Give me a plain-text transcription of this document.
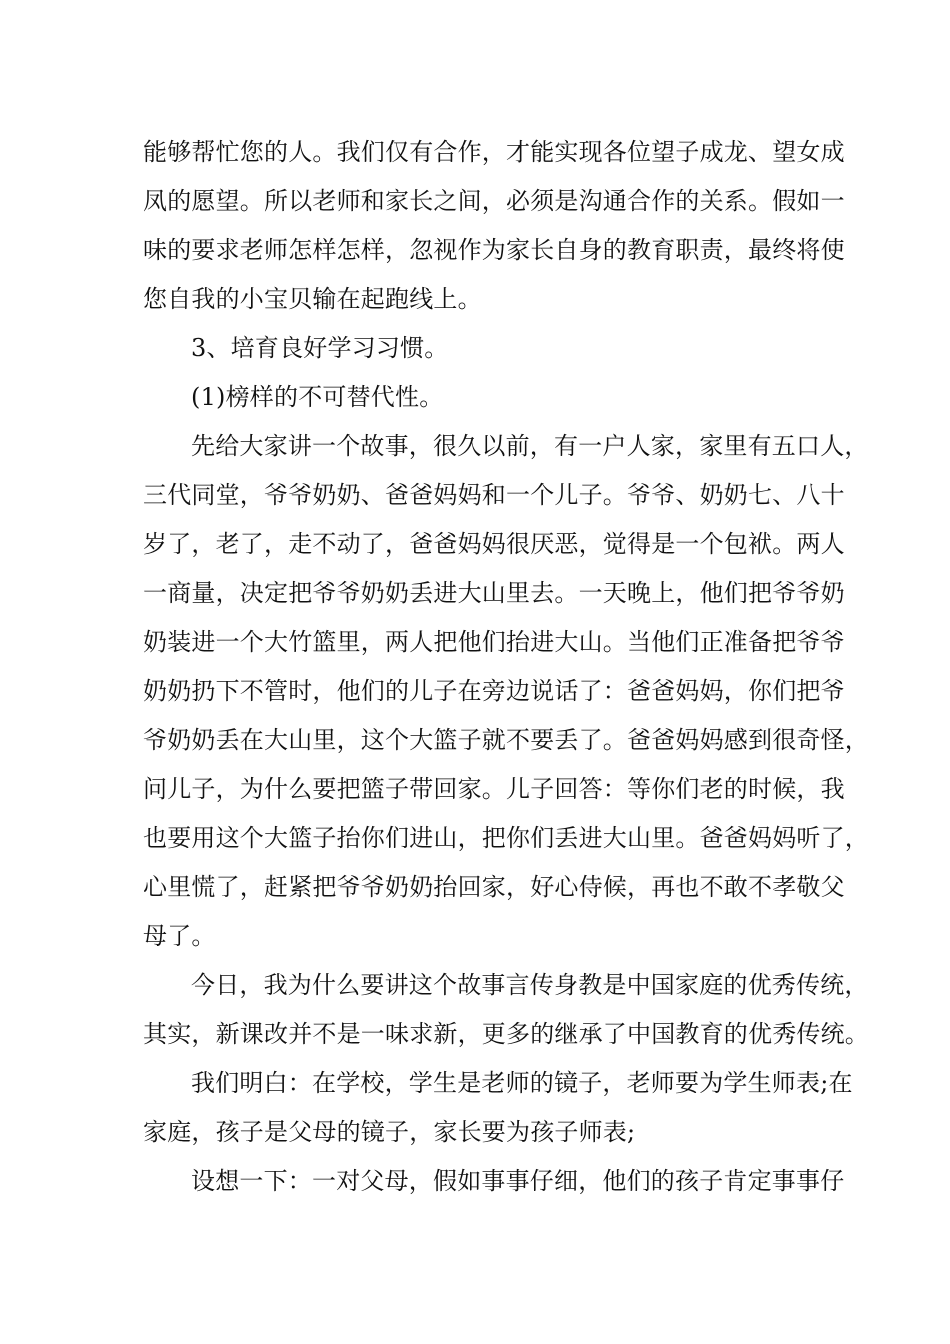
能够帮忙您的人。我们仅有合作，才能实现各位望子成龙、望女成
凤的愿望。所以老师和家长之间，必须是沟通合作的关系。假如一
味的要求老师怎样怎样，忽视作为家长自身的教育职责，最终将使
您自我的小宝贝输在起跑线上。
3、培育良好学习习惯。
(1)榜样的不可替代性。
先给大家讲一个故事，很久以前，有一户人家，家里有五口人，
三代同堂，爷爷奶奶、爸爸妈妈和一个儿子。爷爷、奶奶七、八十
岁了，老了，走不动了，爸爸妈妈很厌恶，觉得是一个包袱。两人
一商量，决定把爷爷奶奶丢进大山里去。一天晚上，他们把爷爷奶
奶装进一个大竹篮里，两人把他们抬进大山。当他们正准备把爷爷
奶奶扔下不管时，他们的儿子在旁边说话了：爸爸妈妈，你们把爷
爷奶奶丢在大山里，这个大篮子就不要丢了。爸爸妈妈感到很奇怪，
问儿子，为什么要把篮子带回家。儿子回答：等你们老的时候，我
也要用这个大篮子抬你们进山，把你们丢进大山里。爸爸妈妈听了，
心里慌了，赶紧把爷爷奶奶抬回家，好心侍候，再也不敢不孝敬父
母了。
今日，我为什么要讲这个故事言传身教是中国家庭的优秀传统，
其实，新课改并不是一味求新，更多的继承了中国教育的优秀传统。
我们明白：在学校，学生是老师的镜子，老师要为学生师表;在
家庭，孩子是父母的镜子，家长要为孩子师表;
设想一下：一对父母，假如事事仔细，他们的孩子肯定事事仔
